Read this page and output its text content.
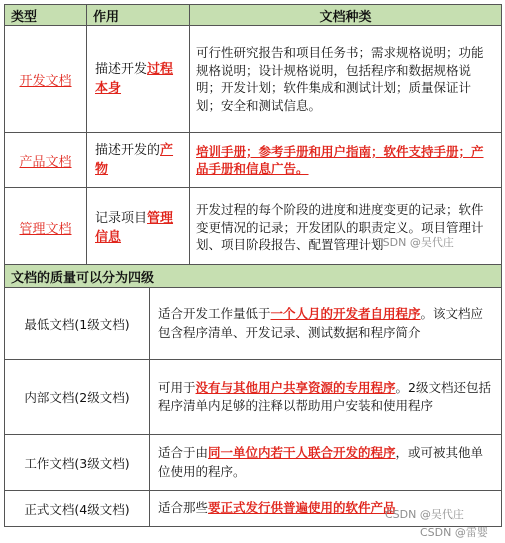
类型	作用	文档种类
开发文档	描述开发过程本身	可行性研究报告和项目任务书；需求规格说明；功能规格说明；设计规格说明，包括程序和数据规格说明；开发计划；软件集成和测试计划；质量保证计划；安全和测试信息。
产品文档	描述开发的产物	培训手册；参考手册和用户指南；软件支持手册；产品手册和信息广告。
管理文档	记录项目管理信息	开发过程的每个阶段的进度和进度变更的记录；软件变更情况的记录；开发团队的职责定义。项目管理计划、项目阶段报告、配置管理计划
文档的质量可以分为四级	
最低文档(1级文档)	适合开发工作量低于一个人月的开发者自用程序。该文档应包含程序清单、开发记录、测试数据和程序简介
内部文档(2级文档)	可用于没有与其他用户共享资源的专用程序。2级文档还包括程序清单内足够的注释以帮助用户安装和使用程序
工作文档(3级文档)	适合于由同一单位内若干人联合开发的程序，或可被其他单位使用的程序。
正式文档(4级文档)	适合那些要正式发行供普遍使用的软件产品
CSDN @吴代庄
CSDN @吴代庄
CSDN @雷婴
